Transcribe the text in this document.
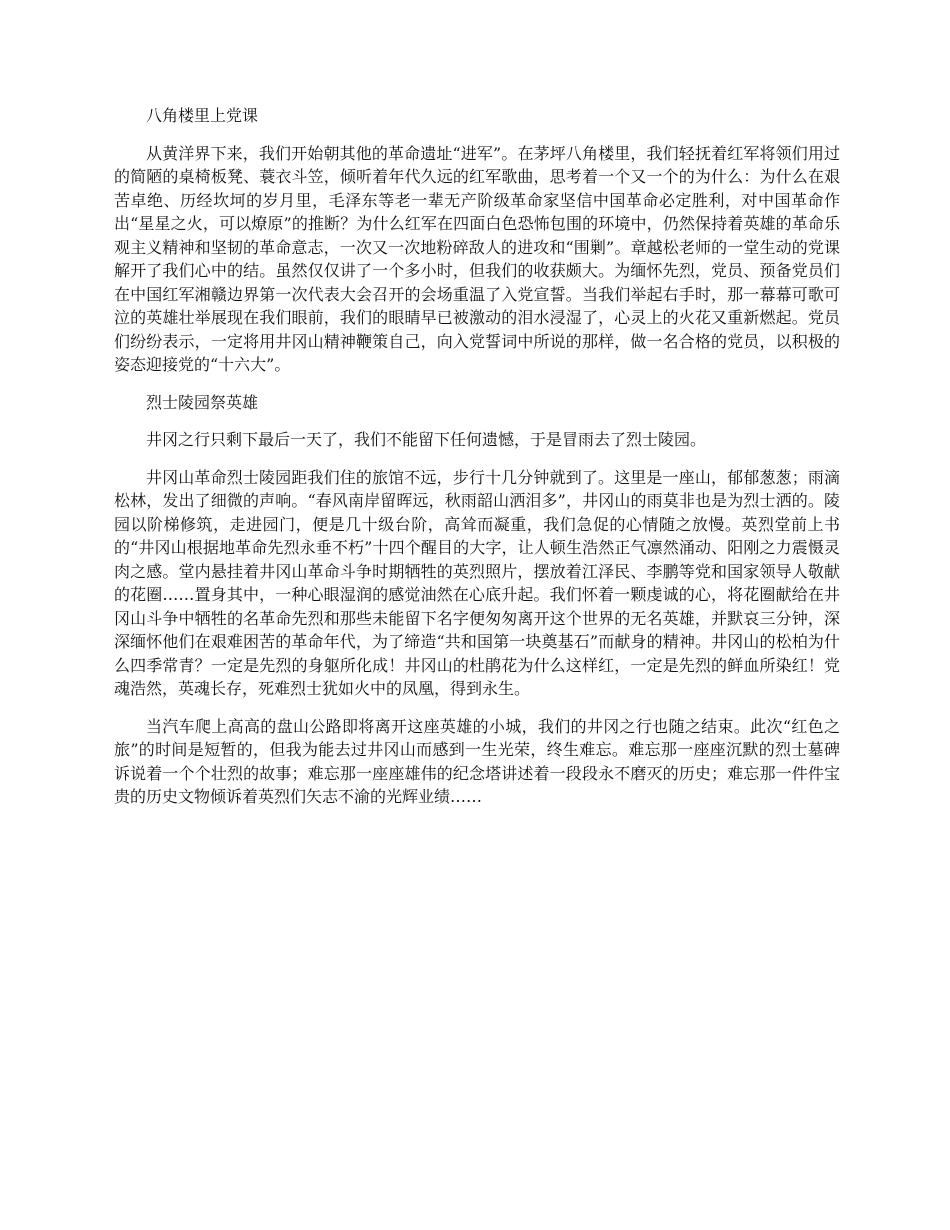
八角楼里上党课

从黄洋界下来，我们开始朝其他的革命遗址“进军”。在茅坪八角楼里，我们轻抚着红军将领们用过的简陋的桌椅板凳、蓑衣斗笠，倾听着年代久远的红军歌曲，思考着一个又一个的为什么：为什么在艰苦卓绝、历经坎坷的岁月里，毛泽东等老一辈无产阶级革命家坚信中国革命必定胜利，对中国革命作出“星星之火，可以燎原”的推断？为什么红军在四面白色恐怖包围的环境中，仍然保持着英雄的革命乐观主义精神和坚韧的革命意志，一次又一次地粉碎敌人的进攻和“围剿”。章越松老师的一堂生动的党课解开了我们心中的结。虽然仅仅讲了一个多小时，但我们的收获颇大。为缅怀先烈，党员、预备党员们在中国红军湘赣边界第一次代表大会召开的会场重温了入党宣誓。当我们举起右手时，那一幕幕可歌可泣的英雄壮举展现在我们眼前，我们的眼睛早已被激动的泪水浸湿了，心灵上的火花又重新燃起。党员们纷纷表示，一定将用井冈山精神鞭策自己，向入党誓词中所说的那样，做一名合格的党员，以积极的姿态迎接党的“十六大”。

烈士陵园祭英雄

井冈之行只剩下最后一天了，我们不能留下任何遗憾，于是冒雨去了烈士陵园。

井冈山革命烈士陵园距我们住的旅馆不远，步行十几分钟就到了。这里是一座山，郁郁葱葱；雨滴松林，发出了细微的声响。“春风南岸留晖远，秋雨韶山洒泪多”，井冈山的雨莫非也是为烈士洒的。陵园以阶梯修筑，走进园门，便是几十级台阶，高耸而凝重，我们急促的心情随之放慢。英烈堂前上书的“井冈山根据地革命先烈永垂不朽”十四个醒目的大字，让人顿生浩然正气凛然涌动、阳刚之力震慑灵肉之感。堂内悬挂着井冈山革命斗争时期牺牲的英烈照片，摆放着江泽民、李鹏等党和国家领导人敬献的花圈……置身其中，一种心眼湿润的感觉油然在心底升起。我们怀着一颗虔诚的心，将花圈献给在井冈山斗争中牺牲的名革命先烈和那些未能留下名字便匆匆离开这个世界的无名英雄，并默哀三分钟，深深缅怀他们在艰难困苦的革命年代，为了缔造“共和国第一块奠基石”而献身的精神。井冈山的松柏为什么四季常青？一定是先烈的身躯所化成！井冈山的杜鹃花为什么这样红，一定是先烈的鲜血所染红！党魂浩然，英魂长存，死难烈士犹如火中的凤凰，得到永生。

当汽车爬上高高的盘山公路即将离开这座英雄的小城，我们的井冈之行也随之结束。此次“红色之旅”的时间是短暂的，但我为能去过井冈山而感到一生光荣，终生难忘。难忘那一座座沉默的烈士墓碑诉说着一个个壮烈的故事；难忘那一座座雄伟的纪念塔讲述着一段段永不磨灭的历史；难忘那一件件宝贵的历史文物倾诉着英烈们矢志不渝的光辉业绩……
